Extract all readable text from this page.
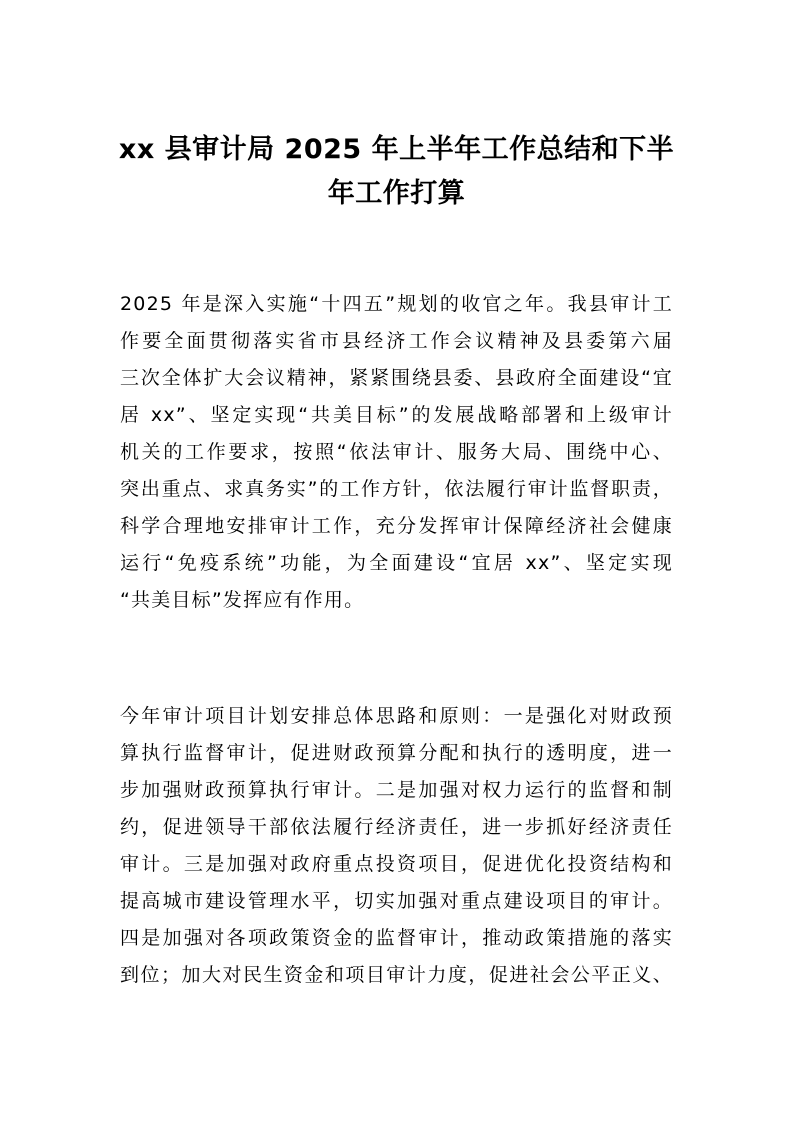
xx 县审计局 2025 年上半年工作总结和下半
年工作打算

2025 年是深入实施“十四五”规划的收官之年。我县审计工
作要全面贯彻落实省市县经济工作会议精神及县委第六届
三次全体扩大会议精神，紧紧围绕县委、县政府全面建设“宜
居 xx”、坚定实现“共美目标”的发展战略部署和上级审计
机关的工作要求，按照“依法审计、服务大局、围绕中心、
突出重点、求真务实”的工作方针，依法履行审计监督职责，
科学合理地安排审计工作，充分发挥审计保障经济社会健康
运行“免疫系统”功能，为全面建设“宜居 xx”、坚定实现
“共美目标”发挥应有作用。

今年审计项目计划安排总体思路和原则：一是强化对财政预
算执行监督审计，促进财政预算分配和执行的透明度，进一
步加强财政预算执行审计。二是加强对权力运行的监督和制
约，促进领导干部依法履行经济责任，进一步抓好经济责任
审计。三是加强对政府重点投资项目，促进优化投资结构和
提高城市建设管理水平，切实加强对重点建设项目的审计。
四是加强对各项政策资金的监督审计，推动政策措施的落实
到位；加大对民生资金和项目审计力度，促进社会公平正义、
